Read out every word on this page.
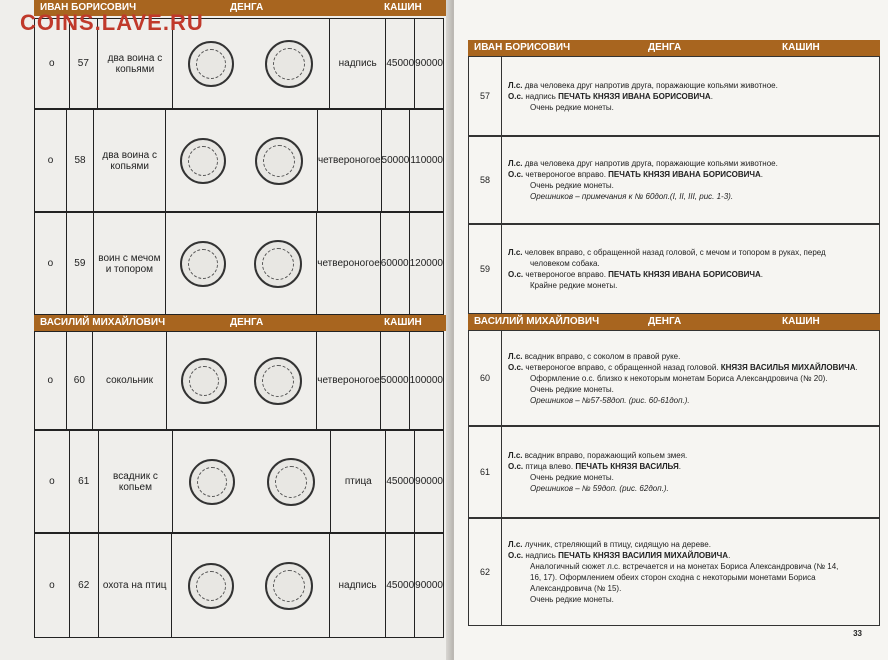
ИВАН БОРИСОВИЧ	ДЕНГА	КАШИН
о	57	два воина с копьями		надпись	45000	90000
о	58	два воина с копьями		четвероногое	50000	110000
о	59	воин с мечом и топором		четвероногое	60000	120000
ВАСИЛИЙ МИХАЙЛОВИЧ	ДЕНГА	КАШИН
о	60	сокольник		четвероногое	50000	100000
о	61	всадник с копьем		птица	45000	90000
о	62	охота на птиц		надпись	45000	90000
ИВАН БОРИСОВИЧ	ДЕНГА	КАШИН
57	
Л.с. два человека друг напротив друга, поражающие копьями животное.
О.с. надпись ПЕЧАТЬ КНЯЗЯ ИВАНА БОРИСОВИЧА.
Очень редкие монеты.
58	
Л.с. два человека друг напротив друга, поражающие копьями животное.
О.с. четвероногое вправо. ПЕЧАТЬ КНЯЗЯ ИВАНА БОРИСОВИЧА.
Очень редкие монеты.
Орешников – примечания к № 60доп.(I, II, III, рис. 1-3).
59	
Л.с. человек вправо, с обращенной назад головой, с мечом и топором в руках, перед
человеком собака.
О.с. четвероногое вправо. ПЕЧАТЬ КНЯЗЯ ИВАНА БОРИСОВИЧА.
Крайне редкие монеты.
ВАСИЛИЙ МИХАЙЛОВИЧ	ДЕНГА	КАШИН
60	
Л.с. всадник вправо, с соколом в правой руке.
О.с. четвероногое вправо, с обращенной назад головой. КНЯЗЯ ВАСИЛЬЯ МИХАЙЛОВИЧА.
Оформление о.с. близко к некоторым монетам Бориса Александровича (№ 20).
Очень редкие монеты.
Орешников – №57-58доп. (рис. 60-61доп.).
61	
Л.с. всадник вправо, поражающий копьем змея.
О.с. птица влево. ПЕЧАТЬ КНЯЗЯ ВАСИЛЬЯ.
Очень редкие монеты.
Орешников – № 59доп. (рис. 62доп.).
62	
Л.с. лучник, стреляющий в птицу, сидящую на дереве.
О.с. надпись ПЕЧАТЬ КНЯЗЯ ВАСИЛИЯ МИХАЙЛОВИЧА.
Аналогичный сюжет л.с. встречается и на монетах Бориса Александровича (№ 14,
16, 17). Оформлением обеих сторон сходна с некоторыми монетами Бориса
Александровича (№ 15).
Очень редкие монеты.
33
COINS.LAVE.RU
